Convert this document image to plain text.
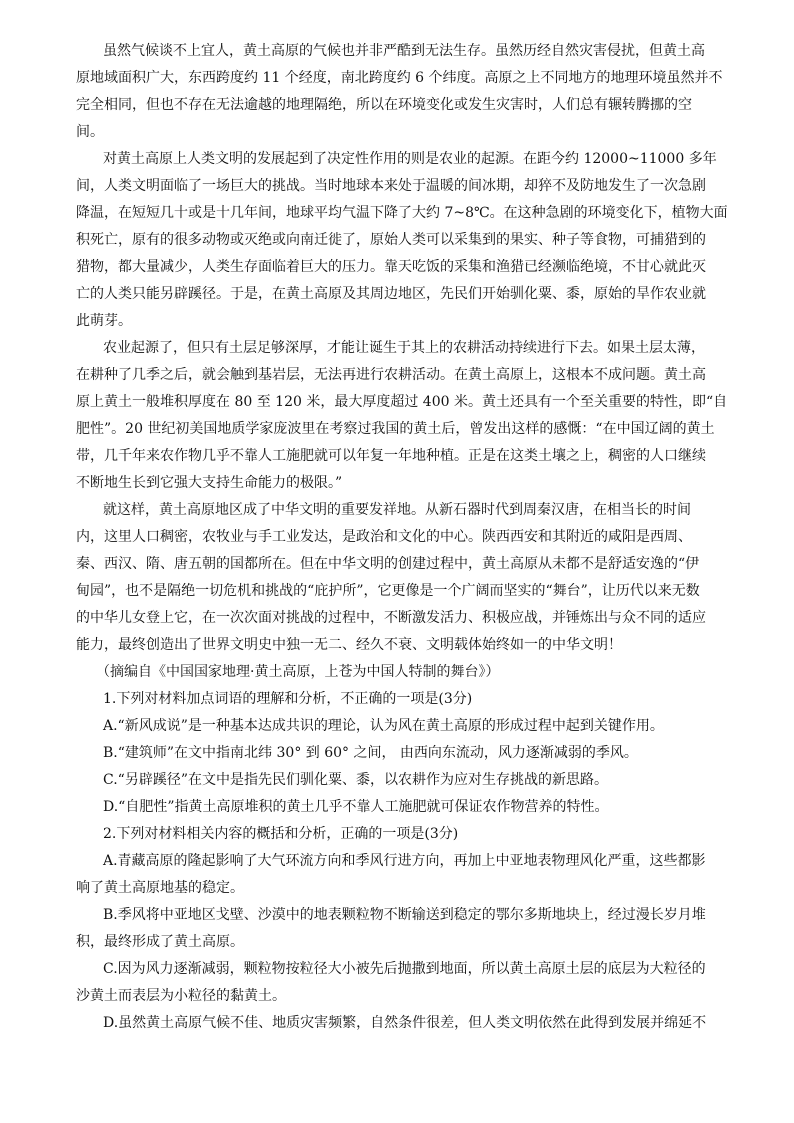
虽然气候谈不上宜人，黄土高原的气候也并非严酷到无法生存。虽然历经自然灾害侵扰，但黄土高
原地域面积广大，东西跨度约 11 个经度，南北跨度约 6 个纬度。高原之上不同地方的地理环境虽然并不
完全相同，但也不存在无法逾越的地理隔绝，所以在环境变化或发生灾害时，人们总有辗转腾挪的空
间。
对黄土高原上人类文明的发展起到了决定性作用的则是农业的起源。在距今约 12000~11000 多年
间，人类文明面临了一场巨大的挑战。当时地球本来处于温暖的间冰期，却猝不及防地发生了一次急剧
降温，在短短几十或是十几年间，地球平均气温下降了大约 7~8℃。在这种急剧的环境变化下，植物大面
积死亡，原有的很多动物或灭绝或向南迁徙了，原始人类可以采集到的果实、种子等食物，可捕猎到的
猎物，都大量减少，人类生存面临着巨大的压力。靠天吃饭的采集和渔猎已经濒临绝境，不甘心就此灭
亡的人类只能另辟蹊径。于是，在黄土高原及其周边地区，先民们开始驯化粟、黍，原始的旱作农业就
此萌芽。
农业起源了，但只有土层足够深厚，才能让诞生于其上的农耕活动持续进行下去。如果土层太薄，
在耕种了几季之后，就会触到基岩层，无法再进行农耕活动。在黄土高原上，这根本不成问题。黄土高
原上黄土一般堆积厚度在 80 至 120 米，最大厚度超过 400 米。黄土还具有一个至关重要的特性，即“自
肥性”。20 世纪初美国地质学家庞波里在考察过我国的黄土后，曾发出这样的感慨：“在中国辽阔的黄土
带，几千年来农作物几乎不靠人工施肥就可以年复一年地种植。正是在这类土壤之上，稠密的人口继续
不断地生长到它强大支持生命能力的极限。”
就这样，黄土高原地区成了中华文明的重要发祥地。从新石器时代到周秦汉唐，在相当长的时间
内，这里人口稠密，农牧业与手工业发达，是政治和文化的中心。陕西西安和其附近的咸阳是西周、
秦、西汉、隋、唐五朝的国都所在。但在中华文明的创建过程中，黄土高原从未都不是舒适安逸的“伊
甸园”，也不是隔绝一切危机和挑战的“庇护所”，它更像是一个广阔而坚实的“舞台”，让历代以来无数
的中华儿女登上它，在一次次面对挑战的过程中，不断激发活力、积极应战，并锤炼出与众不同的适应
能力，最终创造出了世界文明史中独一无二、经久不衰、文明载体始终如一的中华文明！
（摘编自《中国国家地理·黄土高原，上苍为中国人特制的舞台》）
1.下列对材料加点词语的理解和分析，不正确的一项是(3分)
A.“新风成说”是一种基本达成共识的理论，认为风在黄土高原的形成过程中起到关键作用。
B.“建筑师”在文中指南北纬 30° 到 60° 之间， 由西向东流动，风力逐渐减弱的季风。
C.“另辟蹊径”在文中是指先民们驯化粟、黍，以农耕作为应对生存挑战的新思路。
D.“自肥性”指黄土高原堆积的黄土几乎不靠人工施肥就可保证农作物营养的特性。
2.下列对材料相关内容的概括和分析，正确的一项是(3分)
A.青藏高原的隆起影响了大气环流方向和季风行进方向，再加上中亚地表物理风化严重，这些都影
响了黄土高原地基的稳定。
B.季风将中亚地区戈壁、沙漠中的地表颗粒物不断输送到稳定的鄂尔多斯地块上，经过漫长岁月堆
积，最终形成了黄土高原。
C.因为风力逐渐减弱，颗粒物按粒径大小被先后抛撒到地面，所以黄土高原土层的底层为大粒径的
沙黄土而表层为小粒径的黏黄土。
D.虽然黄土高原气候不佳、地质灾害频繁，自然条件很差，但人类文明依然在此得到发展并绵延不
